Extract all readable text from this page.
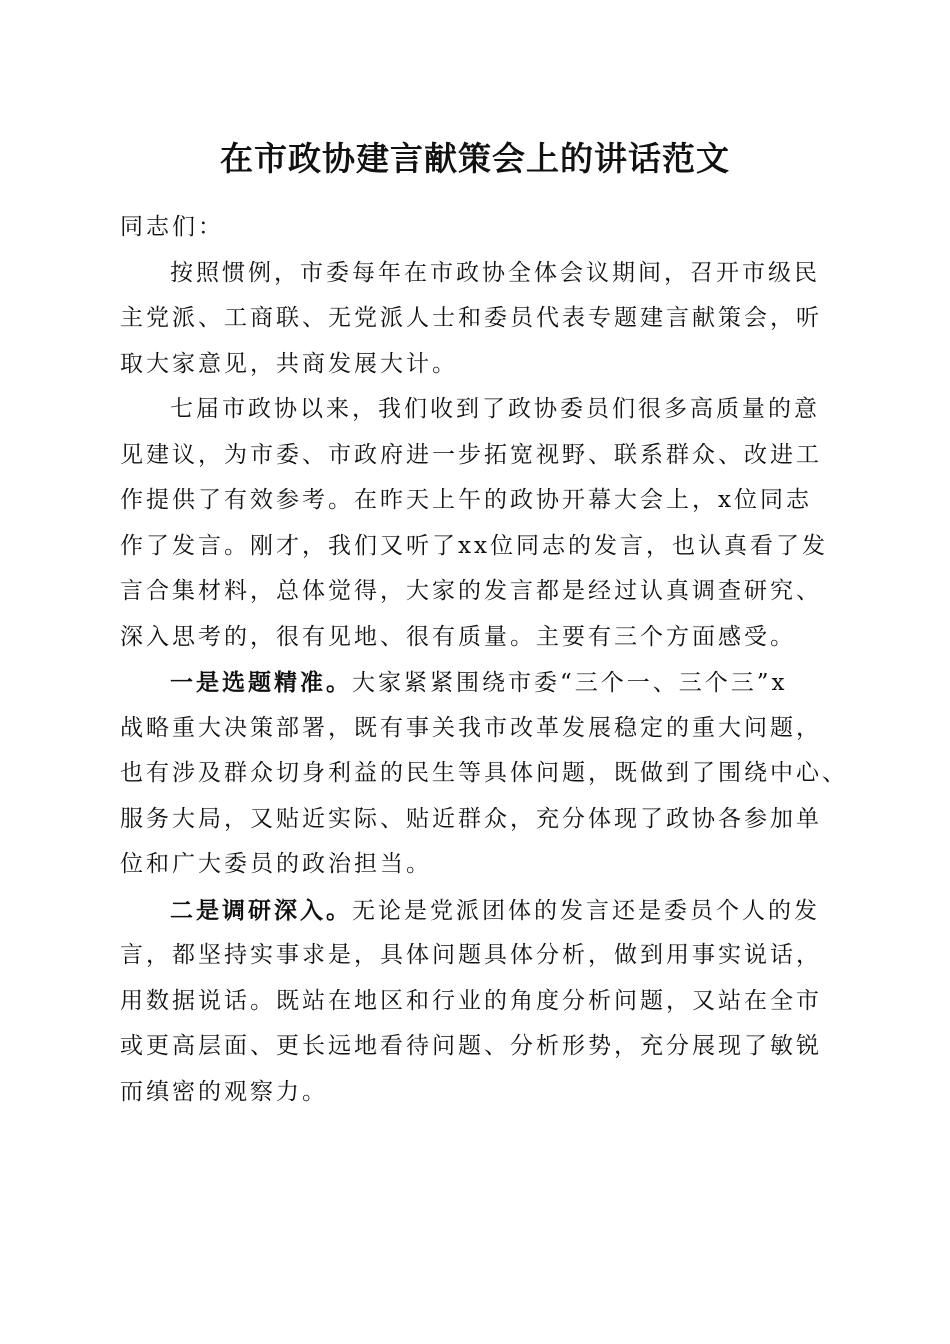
在市政协建言献策会上的讲话范文
同志们：
按照惯例，市委每年在市政协全体会议期间，召开市级民
主党派、工商联、无党派人士和委员代表专题建言献策会，听
取大家意见，共商发展大计。
七届市政协以来，我们收到了政协委员们很多高质量的意
见建议，为市委、市政府进一步拓宽视野、联系群众、改进工
作提供了有效参考。在昨天上午的政协开幕大会上，x位同志
作了发言。刚才，我们又听了xx位同志的发言，也认真看了发
言合集材料，总体觉得，大家的发言都是经过认真调查研究、
深入思考的，很有见地、很有质量。主要有三个方面感受。
一是选题精准。大家紧紧围绕市委“三个一、三个三”x
战略重大决策部署，既有事关我市改革发展稳定的重大问题，
也有涉及群众切身利益的民生等具体问题，既做到了围绕中心、
服务大局，又贴近实际、贴近群众，充分体现了政协各参加单
位和广大委员的政治担当。
二是调研深入。无论是党派团体的发言还是委员个人的发
言，都坚持实事求是，具体问题具体分析，做到用事实说话，
用数据说话。既站在地区和行业的角度分析问题，又站在全市
或更高层面、更长远地看待问题、分析形势，充分展现了敏锐
而缜密的观察力。
